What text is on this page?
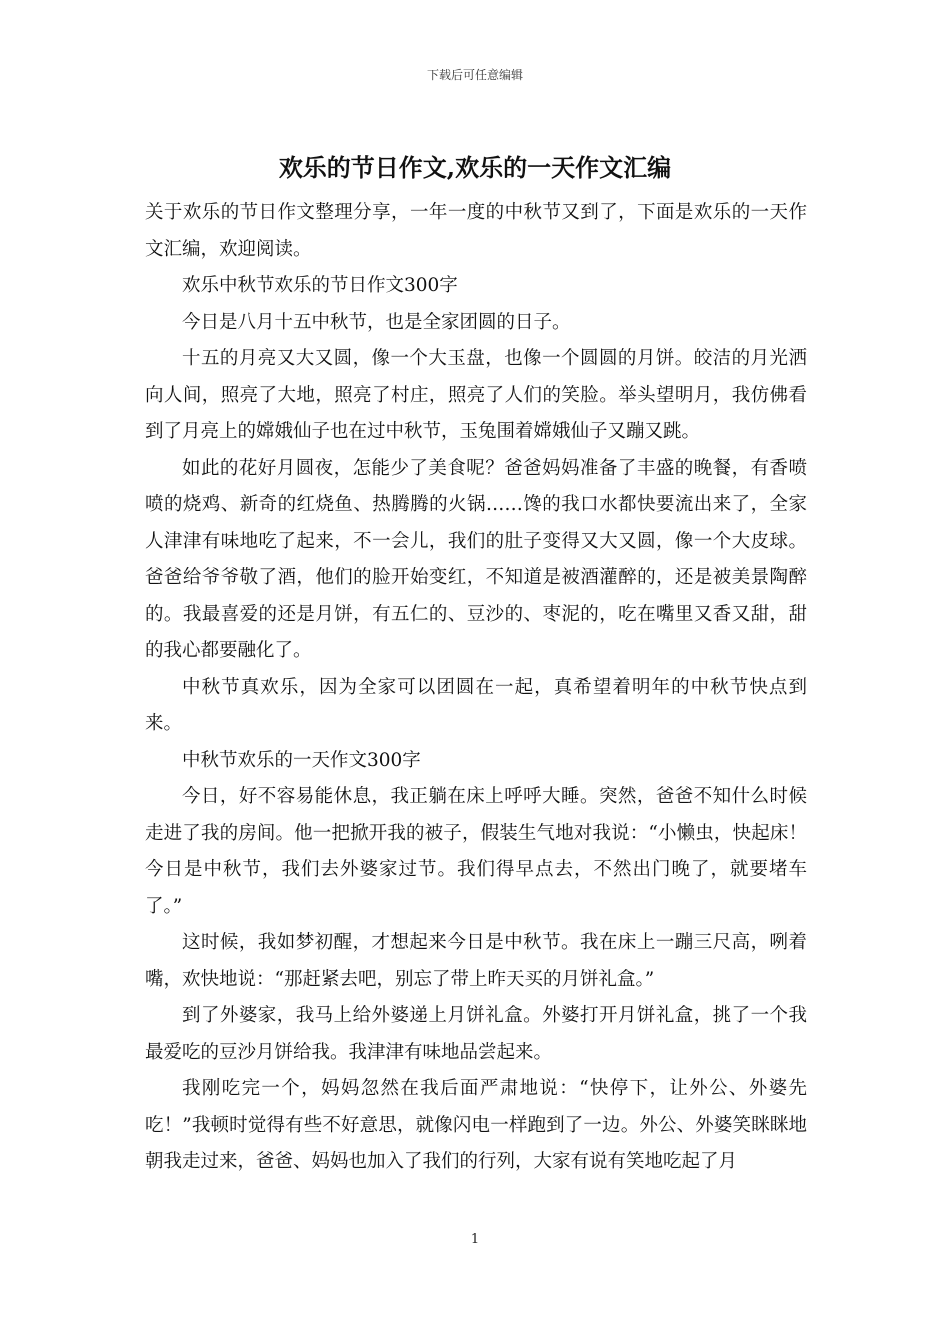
下载后可任意编辑
欢乐的节日作文,欢乐的一天作文汇编

关于欢乐的节日作文整理分享，一年一度的中秋节又到了，下面是欢乐的一天作文汇编，欢迎阅读。

欢乐中秋节欢乐的节日作文300字

今日是八月十五中秋节，也是全家团圆的日子。

十五的月亮又大又圆，像一个大玉盘，也像一个圆圆的月饼。皎洁的月光洒向人间，照亮了大地，照亮了村庄，照亮了人们的笑脸。举头望明月，我仿佛看到了月亮上的嫦娥仙子也在过中秋节，玉兔围着嫦娥仙子又蹦又跳。

如此的花好月圆夜，怎能少了美食呢？爸爸妈妈准备了丰盛的晚餐，有香喷喷的烧鸡、新奇的红烧鱼、热腾腾的火锅……馋的我口水都快要流出来了，全家人津津有味地吃了起来，不一会儿，我们的肚子变得又大又圆，像一个大皮球。爸爸给爷爷敬了酒，他们的脸开始变红，不知道是被酒灌醉的，还是被美景陶醉的。我最喜爱的还是月饼，有五仁的、豆沙的、枣泥的，吃在嘴里又香又甜，甜的我心都要融化了。

中秋节真欢乐，因为全家可以团圆在一起，真希望着明年的中秋节快点到来。

中秋节欢乐的一天作文300字

今日，好不容易能休息，我正躺在床上呼呼大睡。突然，爸爸不知什么时候走进了我的房间。他一把掀开我的被子，假装生气地对我说：“小懒虫，快起床！今日是中秋节，我们去外婆家过节。我们得早点去，不然出门晚了，就要堵车了。”

这时候，我如梦初醒，才想起来今日是中秋节。我在床上一蹦三尺高，咧着嘴，欢快地说：“那赶紧去吧，别忘了带上昨天买的月饼礼盒。”

到了外婆家，我马上给外婆递上月饼礼盒。外婆打开月饼礼盒，挑了一个我最爱吃的豆沙月饼给我。我津津有味地品尝起来。

我刚吃完一个，妈妈忽然在我后面严肃地说：“快停下，让外公、外婆先吃！”我顿时觉得有些不好意思，就像闪电一样跑到了一边。外公、外婆笑眯眯地朝我走过来，爸爸、妈妈也加入了我们的行列，大家有说有笑地吃起了月

1
